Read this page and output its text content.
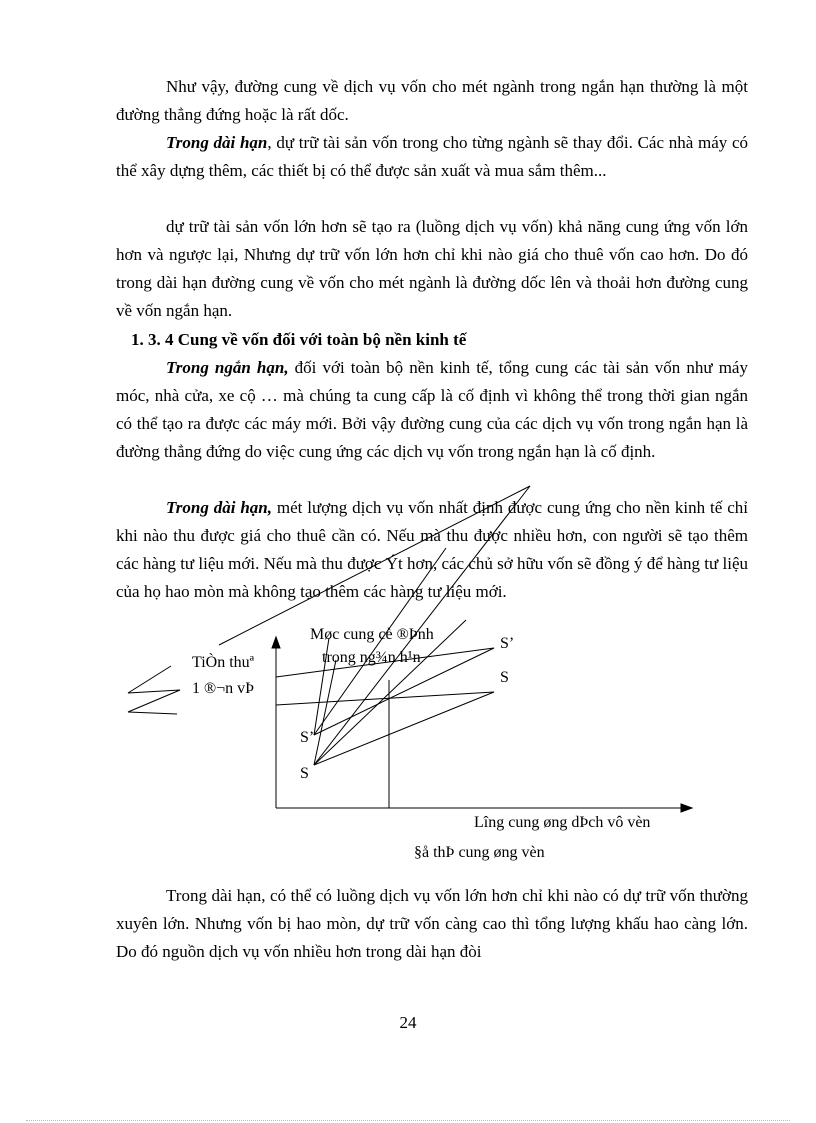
Như vậy, đường cung về dịch vụ vốn cho mét ngành trong ngắn hạn thường là một đường thẳng đứng hoặc là rất dốc.

Trong dài hạn, dự trữ tài sản vốn trong cho từng ngành sẽ thay đổi. Các nhà máy có thể xây dựng thêm, các thiết bị có thể được sản xuất và mua sắm thêm...

dự trữ tài sản vốn lớn hơn sẽ tạo ra (luồng dịch vụ vốn) khả năng cung ứng vốn lớn hơn và ngược lại, Nhưng dự trữ vốn lớn hơn chỉ khi nào giá cho thuê vốn cao hơn. Do đó trong dài hạn đường cung về vốn cho mét ngành là đường dốc lên và thoải hơn đường cung về vốn ngắn hạn.

1. 3. 4 Cung về vốn đối với toàn bộ nền kinh tế

Trong ngắn hạn, đối với toàn bộ nền kinh tế, tổng cung các tài sản vốn như máy móc, nhà cửa, xe cộ … mà chúng ta cung cấp là cố định vì không thể trong thời gian ngắn có thể tạo ra được các máy mới. Bởi vậy đường cung của các dịch vụ vốn trong ngắn hạn là đường thẳng đứng do việc cung ứng các dịch vụ vốn trong ngắn hạn là cố định.

Trong dài hạn, mét lượng dịch vụ vốn nhất định được cung ứng cho nền kinh tế chỉ khi nào thu được giá cho thuê cần có. Nếu mà thu được nhiều hơn, con người sẽ tạo thêm các hàng tư liệu mới. Nếu mà thu được Ýt hơn, các chủ sở hữu vốn sẽ đồng ý để hàng tư liệu của họ hao mòn mà không tạo thêm các hàng tư liệu mới.

TiÒn thuª
1 ®¬n vÞ
Møc cung cè ®Þnh
trong ng¾n h¹n
S’
S
S’
S
Lîng cung øng dÞch vô vèn
§å thÞ cung øng vèn

Trong dài hạn, có thể có luồng dịch vụ vốn lớn hơn chỉ khi nào có dự trữ vốn thường xuyên lớn. Nhưng vốn bị hao mòn, dự trữ vốn càng cao thì tổng lượng khấu hao càng lớn. Do đó nguồn dịch vụ vốn nhiều hơn trong dài hạn đòi

24
